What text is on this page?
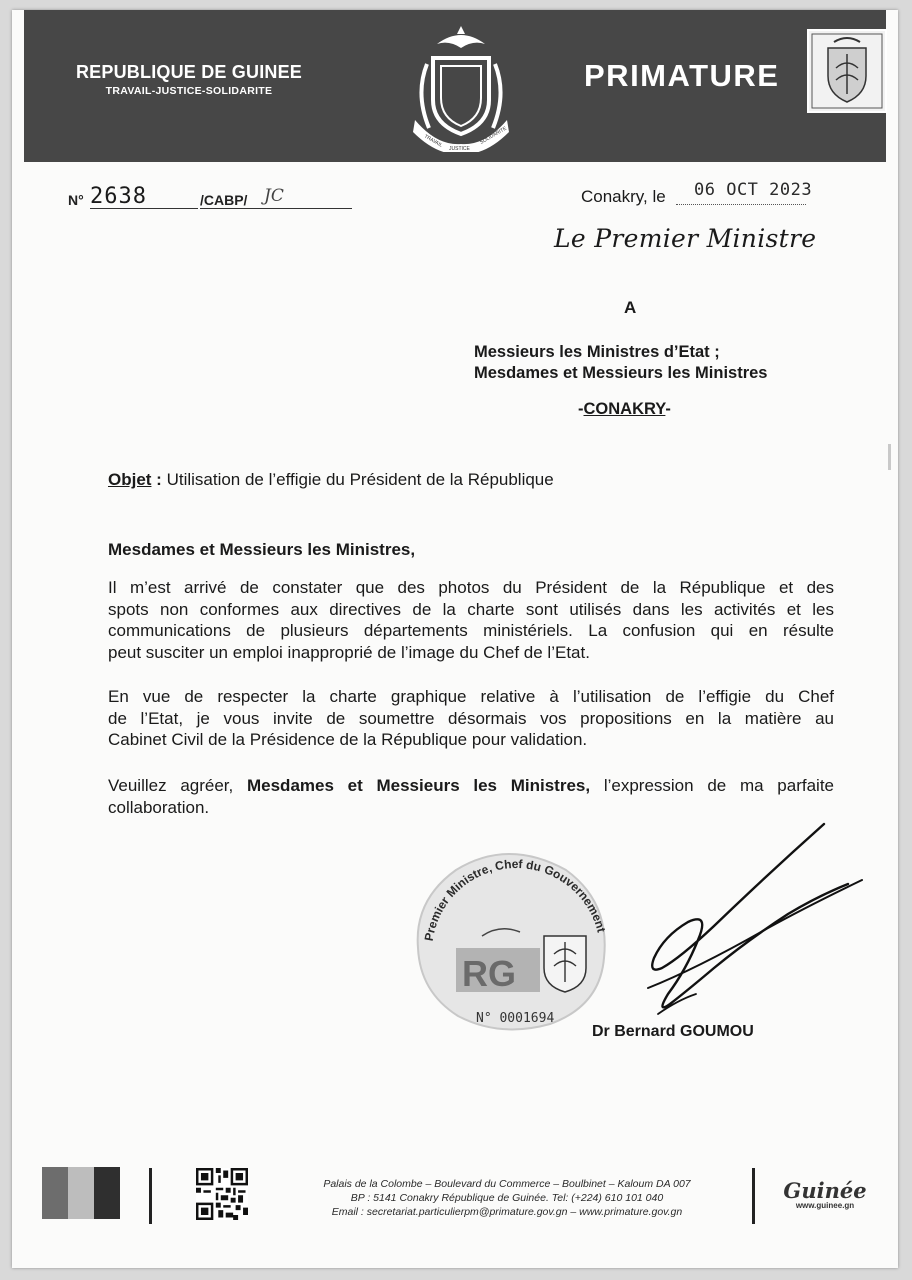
REPUBLIQUE DE GUINEE
TRAVAIL-JUSTICE-SOLIDARITE
TRAVAIL
JUSTICE
SOLIDARITE
PRIMATURE
N° 2638	/CABP/ JC	Conakry, le 06 OCT 2023
Le Premier Ministre
A
Messieurs les Ministres d’Etat ;
Mesdames et Messieurs les Ministres
-CONAKRY-
Objet : Utilisation de l’effigie du Président de la République
Mesdames et Messieurs les Ministres,
Il m’est arrivé de constater que des photos du Président de la République et des
spots non conformes aux directives de la charte sont utilisés dans les activités et les
communications de plusieurs départements ministériels. La confusion qui en résulte
peut susciter un emploi inapproprié de l’image du Chef de l’Etat.
En vue de respecter la charte graphique relative à l’utilisation de l’effigie du Chef
de l’Etat, je vous invite de soumettre désormais vos propositions en la matière au
Cabinet Civil de la Présidence de la République pour validation.
Veuillez agréer, Mesdames et Messieurs les Ministres, l’expression de ma parfaite
collaboration.
Premier Ministre, Chef du Gouvernement
RG
N° 0001694
Dr Bernard GOUMOU
Palais de la Colombe – Boulevard du Commerce – Boulbinet – Kaloum DA 007
BP : 5141 Conakry République de Guinée. Tel: (+224) 610 101 040
Email : secretariat.particulierpm@primature.gov.gn – www.primature.gov.gn
Guinée
www.guinee.gn
